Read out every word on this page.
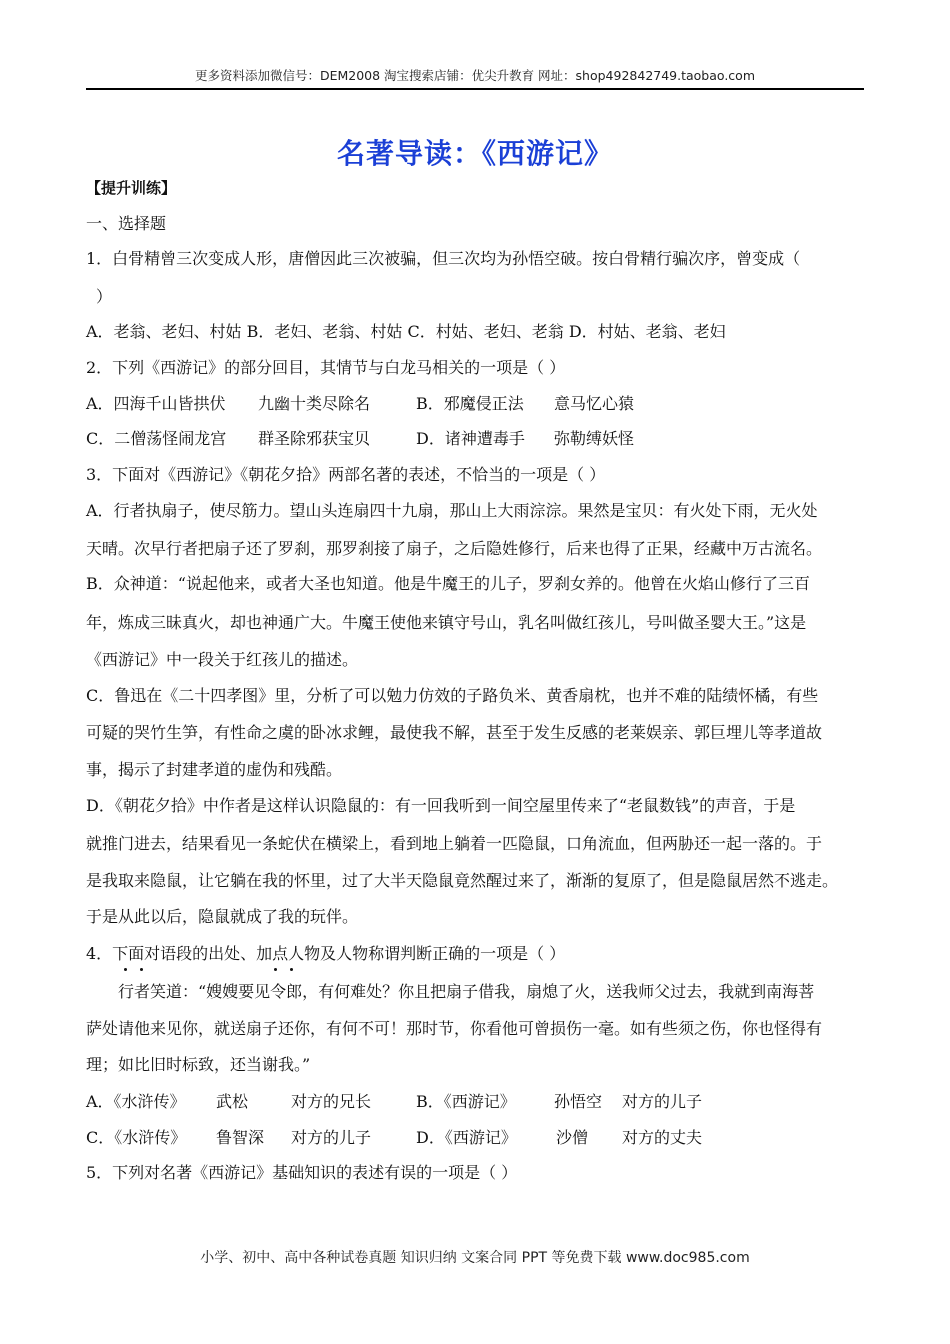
更多资料添加微信号：DEM2008 淘宝搜索店铺：优尖升教育 网址：shop492842749.taobao.com
名著导读：《西游记》
【提升训练】
一、选择题
1．白骨精曾三次变成人形，唐僧因此三次被骗，但三次均为孙悟空破。按白骨精行骗次序，曾变成（
）
A．老翁、老妇、村姑 B．老妇、老翁、村姑 C．村姑、老妇、老翁 D．村姑、老翁、老妇
2．下列《西游记》的部分回目，其情节与白龙马相关的一项是（ ）
A．四海千山皆拱伏 九幽十类尽除名	B．邪魔侵正法 意马忆心猿
C．二僧荡怪闹龙宫 群圣除邪获宝贝	D．诸神遭毒手 弥勒缚妖怪
3．下面对《西游记》《朝花夕拾》两部名著的表述，不恰当的一项是（ ）
A．行者执扇子，使尽筋力。望山头连扇四十九扇，那山上大雨淙淙。果然是宝贝：有火处下雨，无火处
天晴。次早行者把扇子还了罗刹，那罗刹接了扇子，之后隐姓修行，后来也得了正果，经藏中万古流名。
B．众神道：“说起他来，或者大圣也知道。他是牛魔王的儿子，罗刹女养的。他曾在火焰山修行了三百
年，炼成三昧真火，却也神通广大。牛魔王使他来镇守号山，乳名叫做红孩儿，号叫做圣婴大王。”这是
《西游记》中一段关于红孩儿的描述。
C．鲁迅在《二十四孝图》里，分析了可以勉力仿效的子路负米、黄香扇枕，也并不难的陆绩怀橘，有些
可疑的哭竹生笋，有性命之虞的卧冰求鲤，最使我不解，甚至于发生反感的老莱娱亲、郭巨埋儿等孝道故
事，揭示了封建孝道的虚伪和残酷。
D．《朝花夕拾》中作者是这样认识隐鼠的：有一回我听到一间空屋里传来了“老鼠数钱”的声音，于是
就推门进去，结果看见一条蛇伏在横梁上，看到地上躺着一匹隐鼠，口角流血，但两胁还一起一落的。于
是我取来隐鼠，让它躺在我的怀里，过了大半天隐鼠竟然醒过来了，渐渐的复原了，但是隐鼠居然不逃走。
于是从此以后，隐鼠就成了我的玩伴。
4．下面对语段的出处、加点人物及人物称谓判断正确的一项是（ ）
行者笑道：“嫂嫂要见令郎，有何难处？你且把扇子借我，扇熄了火，送我师父过去，我就到南海菩
萨处请他来见你，就送扇子还你，有何不可！那时节，你看他可曾损伤一毫。如有些须之伤，你也怪得有
理；如比旧时标致，还当谢我。”
A．《水浒传》 武松	对方的兄长	B．《西游记》 孙悟空 对方的儿子
C．《水浒传》 鲁智深 对方的儿子	D．《西游记》 沙僧 对方的丈夫
5．下列对名著《西游记》基础知识的表述有误的一项是（ ）
小学、初中、高中各种试卷真题 知识归纳 文案合同 PPT 等免费下载 www.doc985.com
